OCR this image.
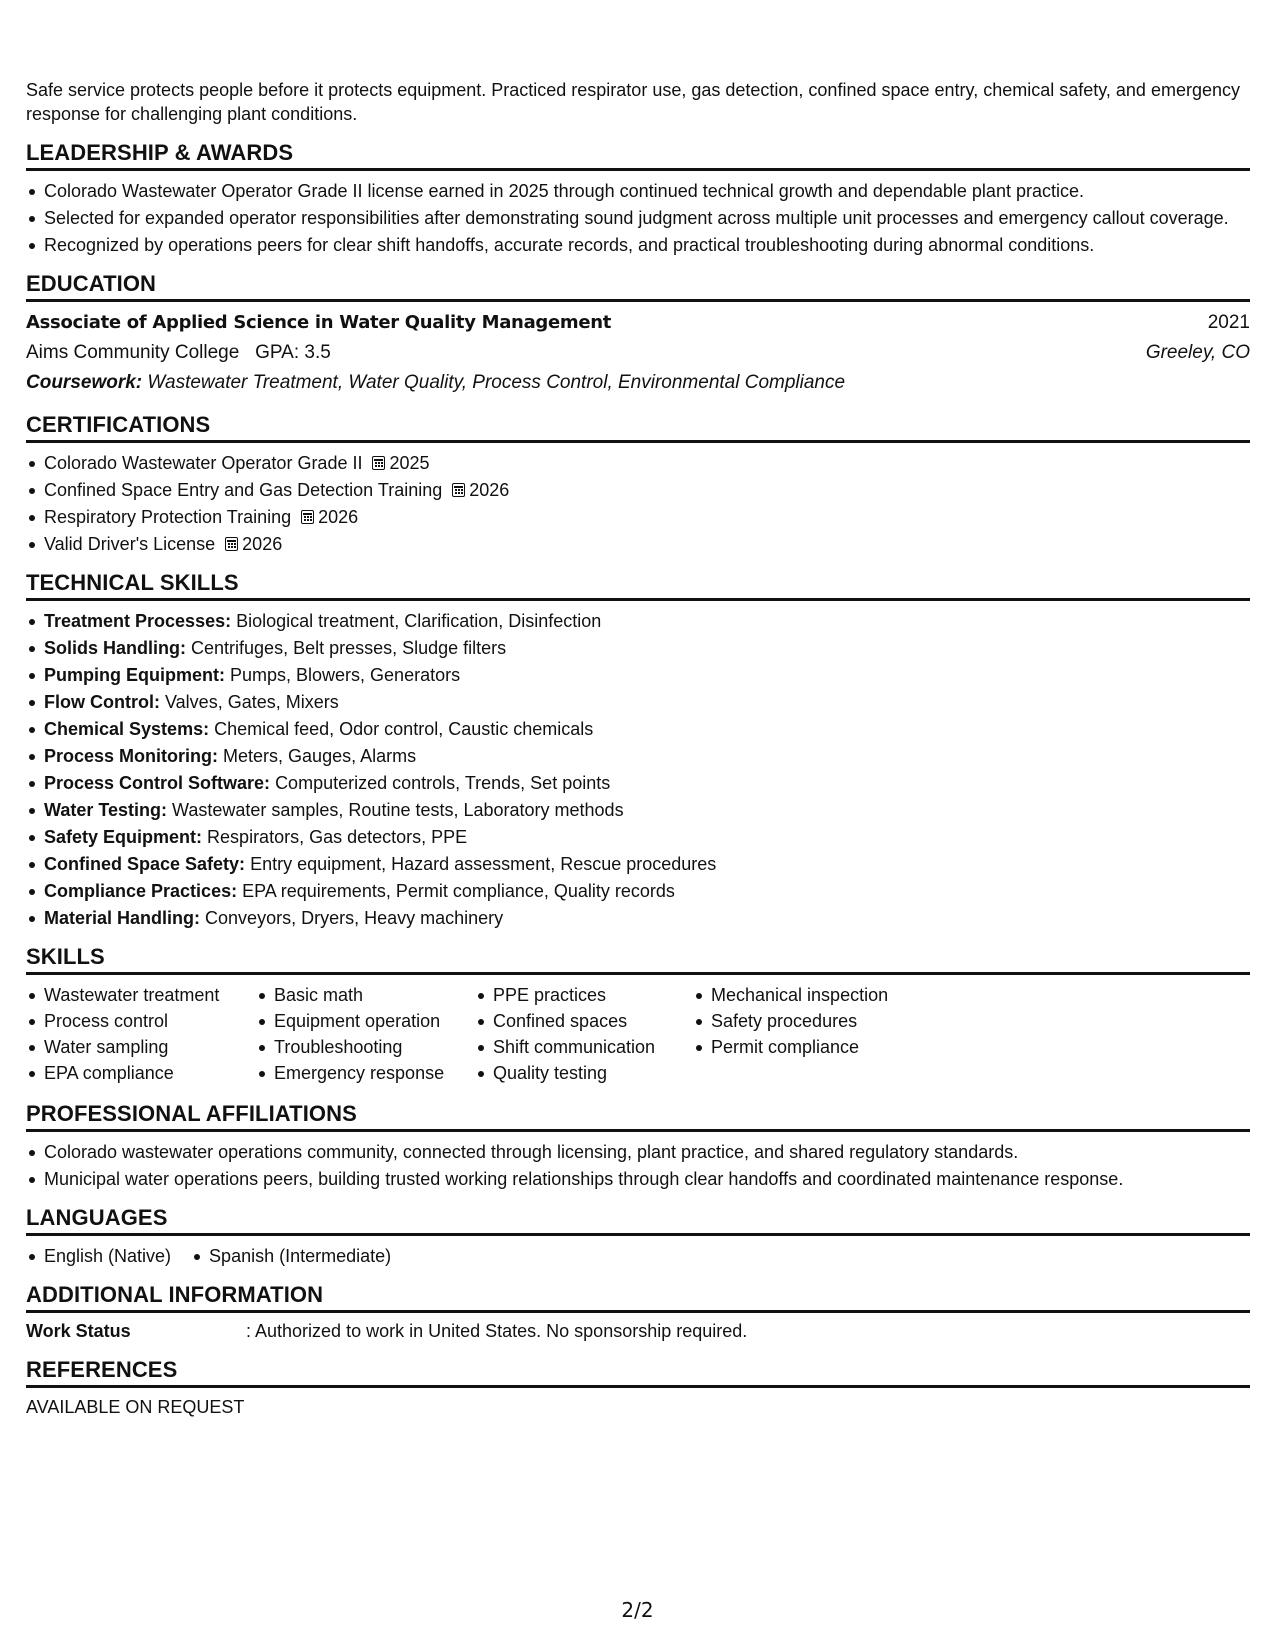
Safe service protects people before it protects equipment. Practiced respirator use, gas detection, confined space entry, chemical safety, and emergency response for challenging plant conditions.

LEADERSHIP & AWARDS
Colorado Wastewater Operator Grade II license earned in 2025 through continued technical growth and dependable plant practice.
Selected for expanded operator responsibilities after demonstrating sound judgment across multiple unit processes and emergency callout coverage.
Recognized by operations peers for clear shift handoffs, accurate records, and practical troubleshooting during abnormal conditions.
EDUCATION
Associate of Applied Science in Water Quality Management	2021
Aims Community College GPA: 3.5	Greeley, CO
Coursework: Wastewater Treatment, Water Quality, Process Control, Environmental Compliance
CERTIFICATIONS
Colorado Wastewater Operator Grade II 2025
Confined Space Entry and Gas Detection Training 2026
Respiratory Protection Training 2026
Valid Driver's License 2026
TECHNICAL SKILLS
Treatment Processes: Biological treatment, Clarification, Disinfection
Solids Handling: Centrifuges, Belt presses, Sludge filters
Pumping Equipment: Pumps, Blowers, Generators
Flow Control: Valves, Gates, Mixers
Chemical Systems: Chemical feed, Odor control, Caustic chemicals
Process Monitoring: Meters, Gauges, Alarms
Process Control Software: Computerized controls, Trends, Set points
Water Testing: Wastewater samples, Routine tests, Laboratory methods
Safety Equipment: Respirators, Gas detectors, PPE
Confined Space Safety: Entry equipment, Hazard assessment, Rescue procedures
Compliance Practices: EPA requirements, Permit compliance, Quality records
Material Handling: Conveyors, Dryers, Heavy machinery
SKILLS
Wastewater treatment
Process control
Water sampling
EPA compliance
Basic math
Equipment operation
Troubleshooting
Emergency response
PPE practices
Confined spaces
Shift communication
Quality testing
Mechanical inspection
Safety procedures
Permit compliance
PROFESSIONAL AFFILIATIONS
Colorado wastewater operations community, connected through licensing, plant practice, and shared regulatory standards.
Municipal water operations peers, building trusted working relationships through clear handoffs and coordinated maintenance response.
LANGUAGES
English (Native)	Spanish (Intermediate)
ADDITIONAL INFORMATION
Work Status	: Authorized to work in United States. No sponsorship required.
REFERENCES
AVAILABLE ON REQUEST
2/2
